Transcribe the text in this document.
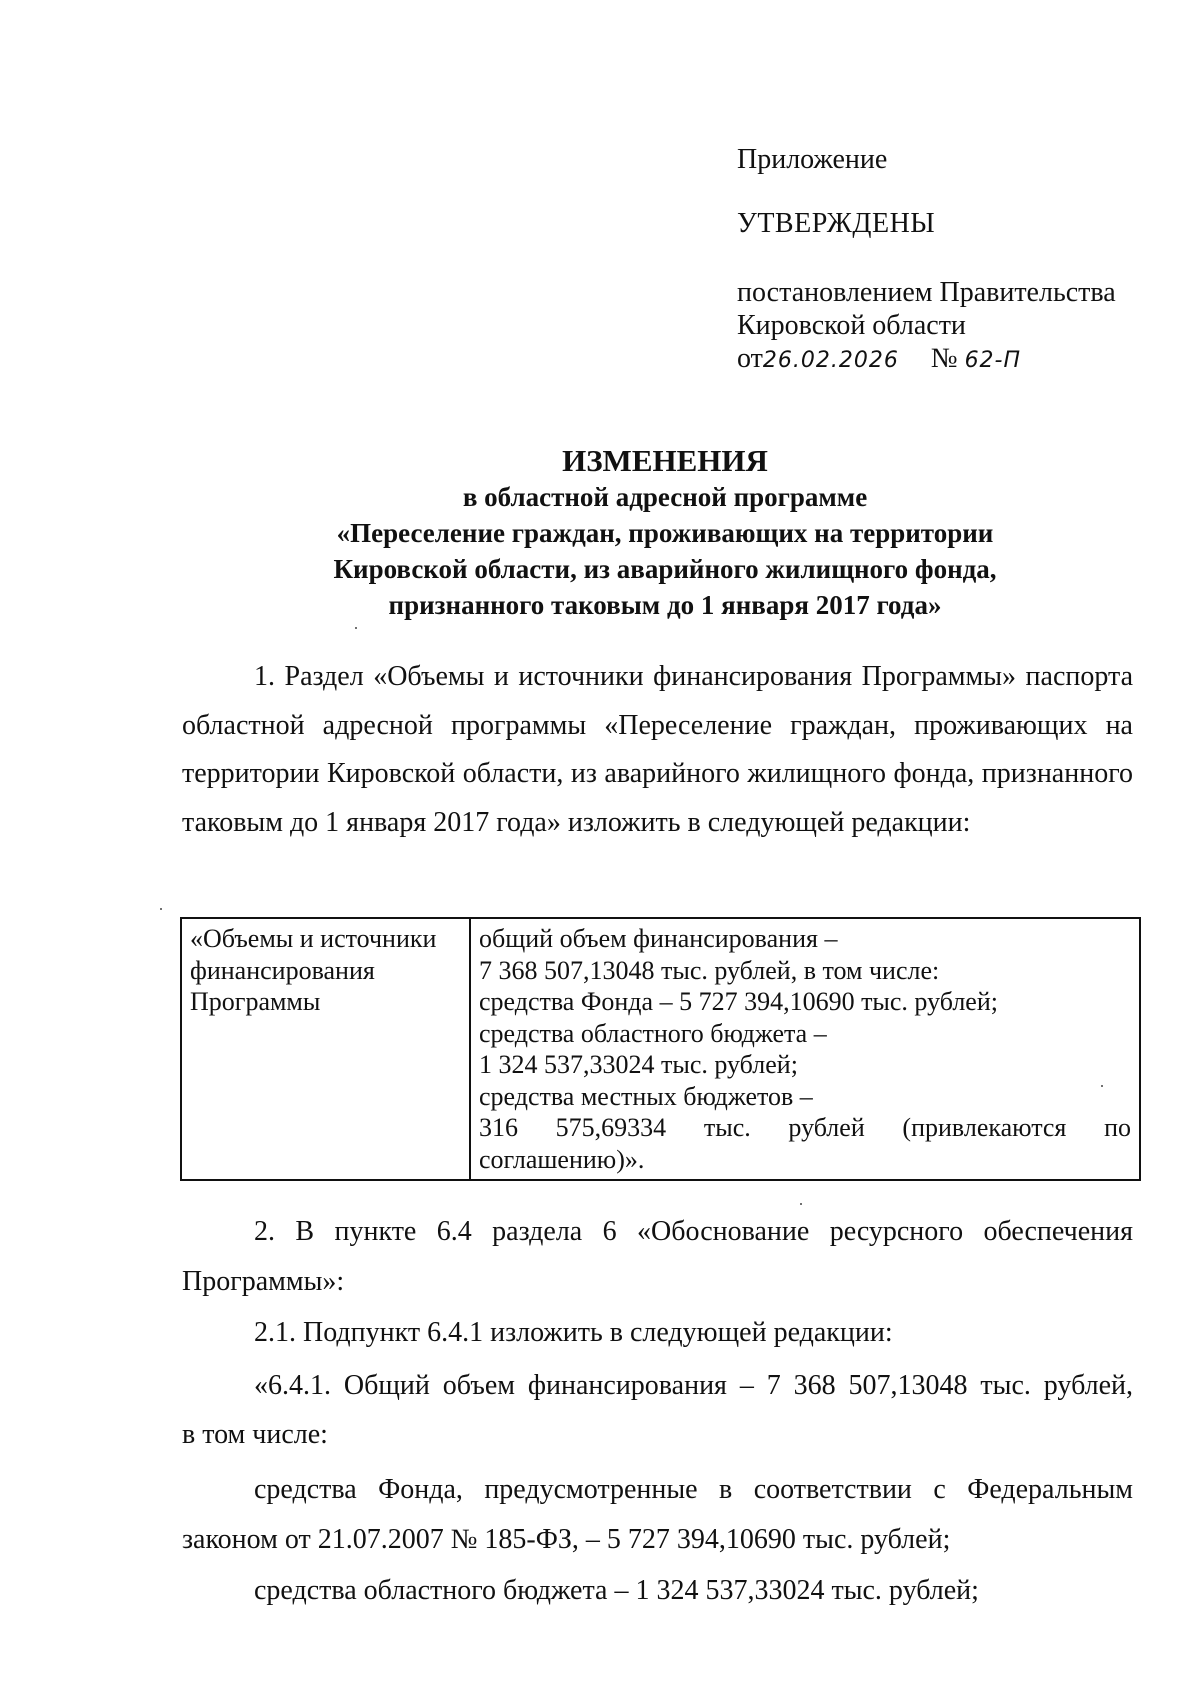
Приложение
УТВЕРЖДЕНЫ
постановлением Правительства
Кировской области
от26.02.2026 № 62-П
ИЗМЕНЕНИЯ
в областной адресной программе
«Переселение граждан, проживающих на территории
Кировской области, из аварийного жилищного фонда,
признанного таковым до 1 января 2017 года»
1. Раздел «Объемы и источники финансирования Программы» паспорта областной адресной программы «Переселение граждан, проживающих на территории Кировской области, из аварийного жилищного фонда, признанного таковым до 1 января 2017 года» изложить в следующей редакции:
«Объемы и источники
финансирования
Программы
общий объем финансирования –
7 368 507,13048 тыс. рублей, в том числе:
средства Фонда – 5 727 394,10690 тыс. рублей;
средства областного бюджета –
1 324 537,33024 тыс. рублей;
средства местных бюджетов –
316 575,69334 тыс. рублей (привлекаются по
соглашению)».
2. В пункте 6.4 раздела 6 «Обоснование ресурсного обеспечения Программы»:
2.1. Подпункт 6.4.1 изложить в следующей редакции:
«6.4.1. Общий объем финансирования – 7 368 507,13048 тыс. рублей,
в том числе:
средства Фонда, предусмотренные в соответствии с Федеральным законом от 21.07.2007 № 185-ФЗ, – 5 727 394,10690 тыс. рублей;
средства областного бюджета – 1 324 537,33024 тыс. рублей;
